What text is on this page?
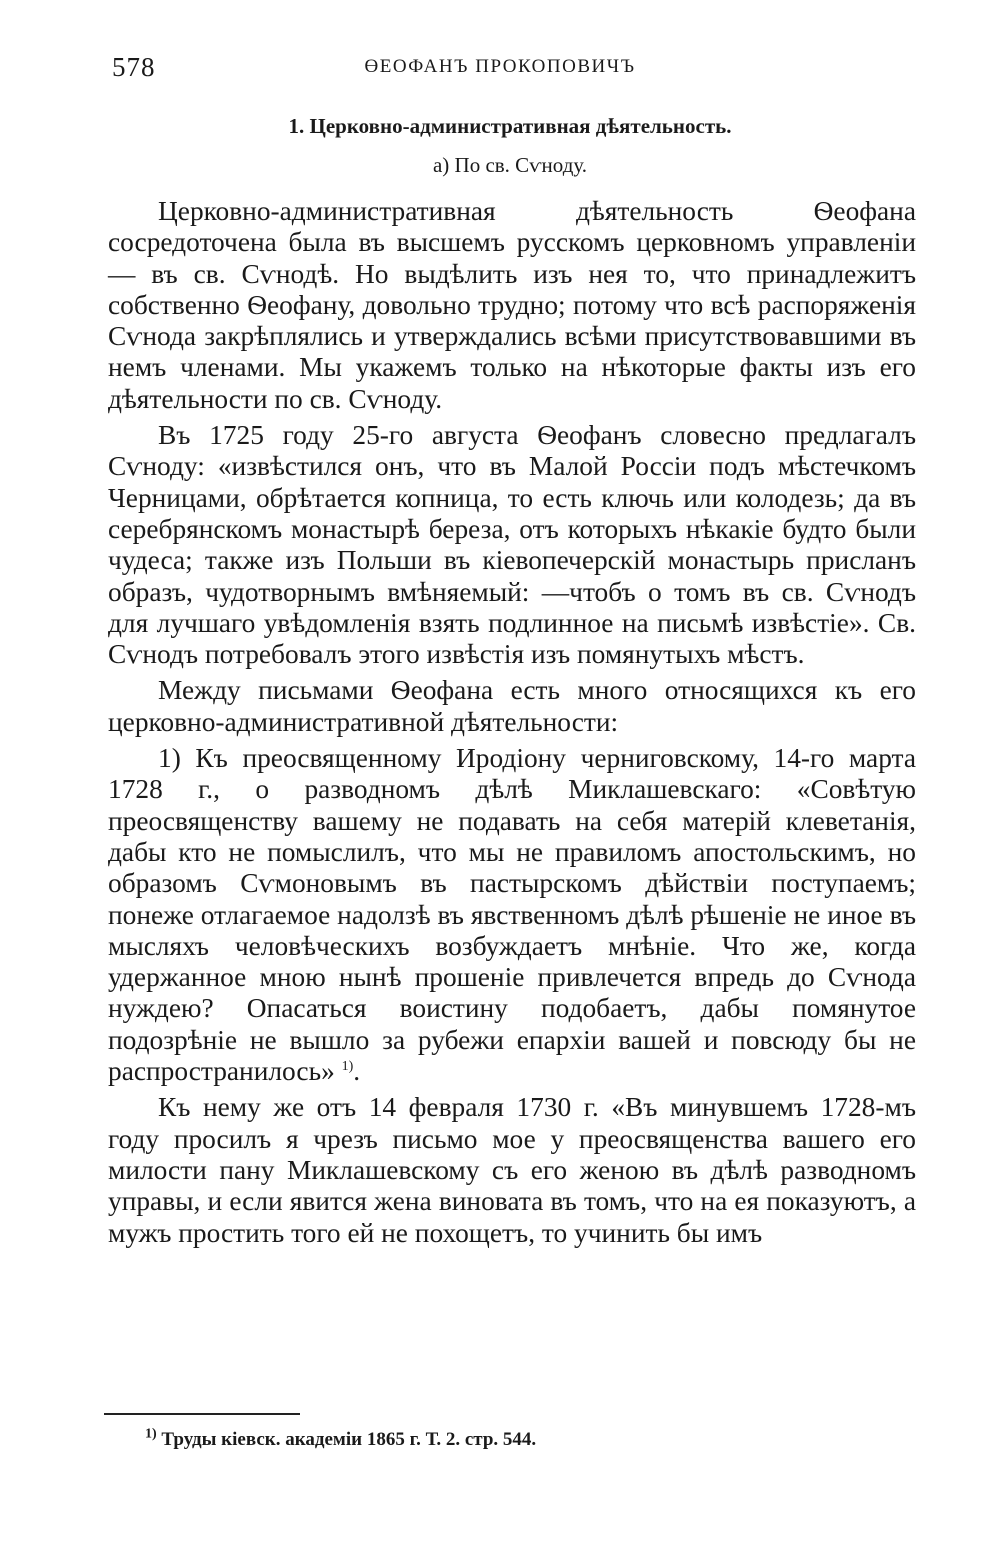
578	ӨЕОФАНЪ ПРОКОПОВИЧЪ
1. Церковно-административная дѣятельность.
а) По св. Сѵноду.

Церковно-административная дѣятельность Ѳеофана сосредоточена была въ высшемъ русскомъ церковномъ управленіи — въ св. Сѵнодѣ. Но выдѣлить изъ нея то, что принадлежитъ собственно Ѳеофану, довольно трудно; потому что всѣ распоряженія Сѵнода закрѣплялись и утверждались всѣми присутствовавшими въ немъ членами. Мы укажемъ только на нѣкоторые факты изъ его дѣятельности по св. Сѵноду.

Въ 1725 году 25-го августа Ѳеофанъ словесно предлагалъ Сѵноду: «извѣстился онъ, что въ Малой Россіи подъ мѣстечкомъ Черницами, обрѣтается копница, то есть ключь или колодезь; да въ серебрянскомъ монастырѣ береза, отъ которыхъ нѣкакіе будто были чудеса; также изъ Польши въ кіевопечерскій монастырь присланъ образъ, чудотворнымъ вмѣняемый: —чтобъ о томъ въ св. Сѵнодъ для лучшаго увѣдомленія взять подлинное на письмѣ извѣстіе». Св. Сѵнодъ потребовалъ этого извѣстія изъ помянутыхъ мѣстъ.

Между письмами Ѳеофана есть много относящихся къ его церковно-административной дѣятельности:

1) Къ преосвященному Иродіону черниговскому, 14-го марта 1728 г., о разводномъ дѣлѣ Миклашевскаго: «Совѣтую преосвященству вашему не подавать на себя матерій клеветанія, дабы кто не помыслилъ, что мы не правиломъ апостольскимъ, но образомъ Сѵмоновымъ въ пастырскомъ дѣйствіи поступаемъ; понеже отлагаемое надолзѣ въ явственномъ дѣлѣ рѣшеніе не иное въ мысляхъ человѣческихъ возбуждаетъ мнѣніе. Что же, когда удержанное мною нынѣ прошеніе привлечется впредь до Сѵнода нуждею? Опасаться воистину подобаетъ, дабы помянутое подозрѣніе не вышло за рубежи епархіи вашей и повсюду бы не распространилось» $^{1)}$.

Къ нему же отъ 14 февраля 1730 г. «Въ минувшемъ 1728-мъ году просилъ я чрезъ письмо мое у преосвященства вашего его милости пану Миклашевскому съ его женою въ дѣлѣ разводномъ управы, и если явится жена виновата въ томъ, что на ея показуютъ, а мужъ простить того ей не похощетъ, то учинить бы имъ

$^{1)}$ Труды кіевск. академіи 1865 г. Т. 2. стр. 544.
